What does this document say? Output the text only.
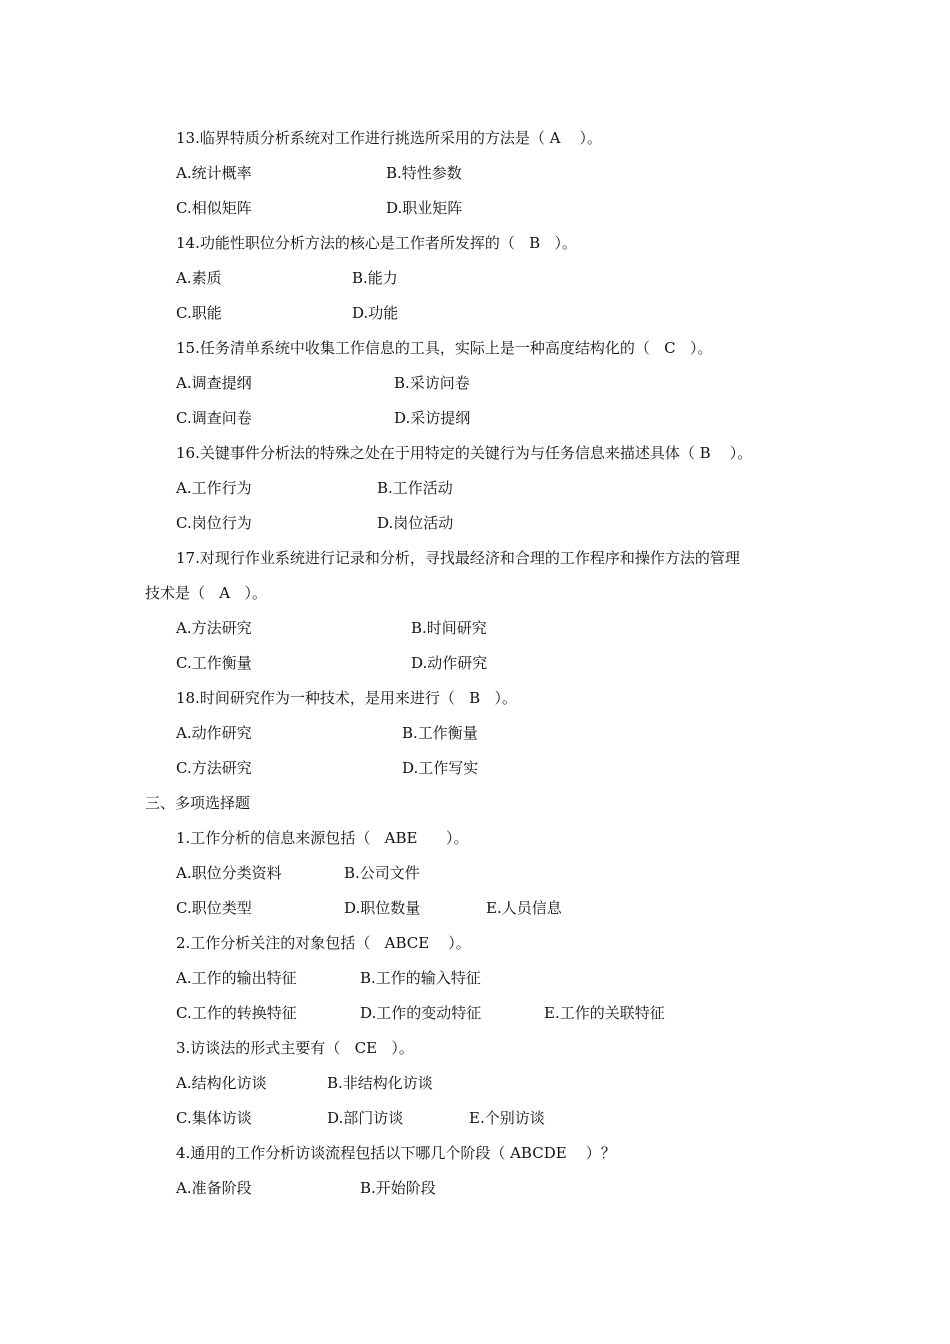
13.临界特质分析系统对工作进行挑选所采用的方法是（ A    ）。
A.统计概率	B.特性参数
C.相似矩阵	D.职业矩阵
14.功能性职位分析方法的核心是工作者所发挥的（   B   ）。
A.素质	B.能力
C.职能	D.功能
15.任务清单系统中收集工作信息的工具，实际上是一种高度结构化的（   C   ）。
A.调查提纲	B.采访问卷
C.调查问卷	D.采访提纲
16.关键事件分析法的特殊之处在于用特定的关键行为与任务信息来描述具体（ B    ）。
A.工作行为	B.工作活动
C.岗位行为	D.岗位活动
17.对现行作业系统进行记录和分析，寻找最经济和合理的工作程序和操作方法的管理
技术是（   A   ）。
A.方法研究	B.时间研究
C.工作衡量	D.动作研究
18.时间研究作为一种技术，是用来进行（   B   ）。
A.动作研究	B.工作衡量
C.方法研究	D.工作写实
三、多项选择题
1.工作分析的信息来源包括（   ABE      ）。
A.职位分类资料	B.公司文件
C.职位类型	D.职位数量	E.人员信息
2.工作分析关注的对象包括（   ABCE    ）。
A.工作的输出特征	B.工作的输入特征
C.工作的转换特征	D.工作的变动特征	E.工作的关联特征
3.访谈法的形式主要有（   CE   ）。
A.结构化访谈	B.非结构化访谈
C.集体访谈	D.部门访谈	E.个别访谈
4.通用的工作分析访谈流程包括以下哪几个阶段（ ABCDE    ）？
A.准备阶段	B.开始阶段
